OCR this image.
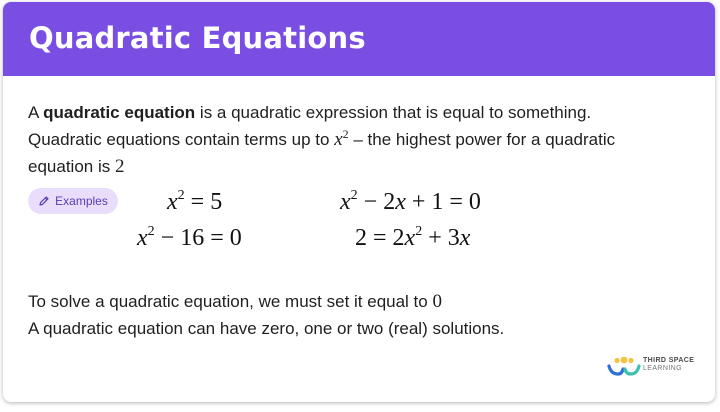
Quadratic Equations
A quadratic equation is a quadratic expression that is equal to something.
Quadratic equations contain terms up to $x^2$ – the highest power for a quadratic
equation is 2
Examples $x^2 = 5$	$x^2 - 2x + 1 = 0$
$x^2 - 16 = 0$	$2 = 2x^2 + 3x$
To solve a quadratic equation, we must set it equal to 0
A quadratic equation can have zero, one or two (real) solutions.
THIRD SPACE
LEARNING
